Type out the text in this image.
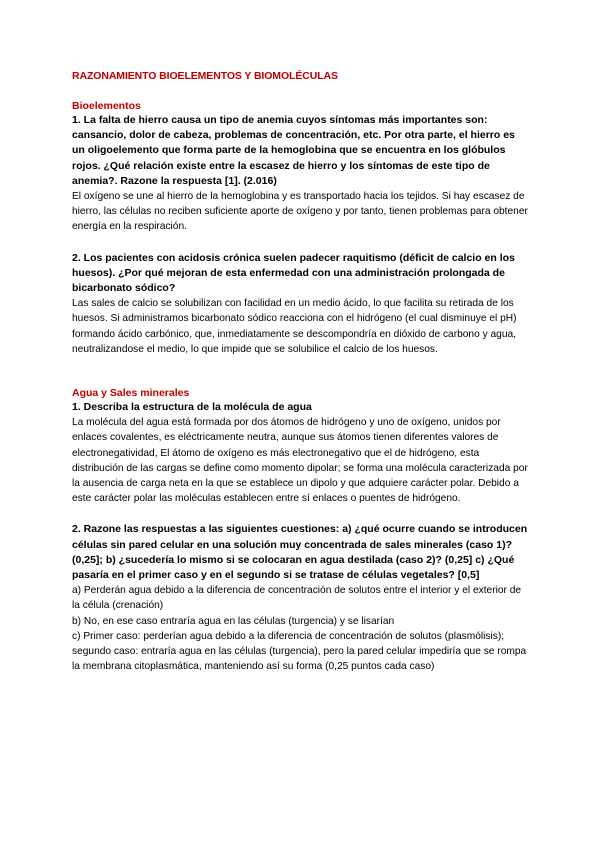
RAZONAMIENTO BIOELEMENTOS Y BIOMOLÉCULAS
Bioelementos
1. La falta de hierro causa un tipo de anemia cuyos síntomas más importantes son: cansancio, dolor de cabeza, problemas de concentración, etc. Por otra parte, el hierro es un oligoelemento que forma parte de la hemoglobina que se encuentra en los glóbulos rojos. ¿Qué relación existe entre la escasez de hierro y los síntomas de este tipo de anemia?. Razone la respuesta [1]. (2.016)

El oxígeno se une al hierro de la hemoglobina y es transportado hacia los tejidos. Si hay escasez de hierro, las células no reciben suficiente aporte de oxígeno y por tanto, tienen problemas para obtener energía en la respiración.

2. Los pacientes con acidosis crónica suelen padecer raquitismo (déficit de calcio en los huesos). ¿Por qué mejoran de esta enfermedad con una administración prolongada de bicarbonato sódico?

Las sales de calcio se solubilizan con facilidad en un medio ácido, lo que facilita su retirada de los huesos. Si administramos bicarbonato sódico reacciona con el hidrógeno (el cual disminuye el pH) formando ácido carbónico, que, inmediatamente se descompondría en dióxido de carbono y agua, neutralizandose el medio, lo que impide que se solubilice el calcio de los huesos.

Agua y Sales minerales
1. Describa la estructura de la molécula de agua

La molécula del agua está formada por dos átomos de hidrógeno y uno de oxígeno, unidos por enlaces covalentes, es eléctricamente neutra, aunque sus átomos tienen diferentes valores de electronegatividad, El átomo de oxígeno es más electronegativo que el de hidrógeno, esta distribución de las cargas se define como momento dipolar; se forma una molécula caracterizada por la ausencia de carga neta en la que se establece un dipolo y que adquiere carácter polar. Debido a este carácter polar las moléculas establecen entre sí enlaces o puentes de hidrógeno.

2. Razone las respuestas a las siguientes cuestiones: a) ¿qué ocurre cuando se introducen células sin pared celular en una solución muy concentrada de sales minerales (caso 1)? (0,25]; b) ¿sucedería lo mismo si se colocaran en agua destilada (caso 2)? (0,25] c) ¿Qué pasaría en el primer caso y en el segundo si se tratase de células vegetales? [0,5]

a) Perderán agua debido a la diferencia de concentración de solutos entre el interior y el exterior de la célula (crenación)

b) No, en ese caso entraría agua en las células (turgencia) y se lisarían

c) Primer caso: perderían agua debido a la diferencia de concentración de solutos (plasmólisis); segundo caso: entraría agua en las células (turgencia), pero la pared celular impediría que se rompa la membrana citoplasmática, manteniendo así su forma (0,25 puntos cada caso)
